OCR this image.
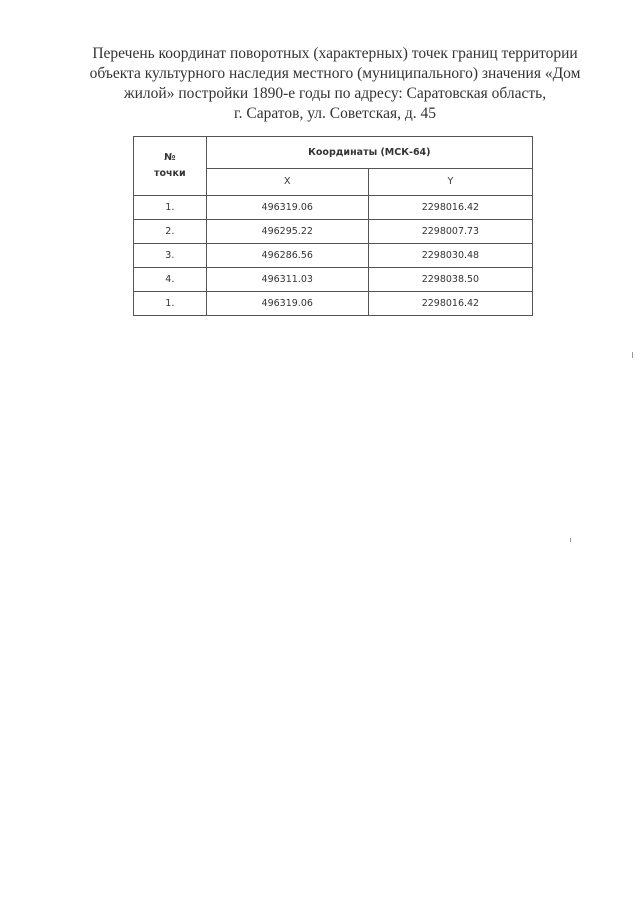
Перечень координат поворотных (характерных) точек границ территории
объекта культурного наследия местного (муниципального) значения «Дом
жилой» постройки 1890-е годы по адресу: Саратовская область,
г. Саратов, ул. Советская, д. 45
№
точки	Координаты (МСК-64)	
	X	Y
1.	496319.06	2298016.42
2.	496295.22	2298007.73
3.	496286.56	2298030.48
4.	496311.03	2298038.50
1.	496319.06	2298016.42
